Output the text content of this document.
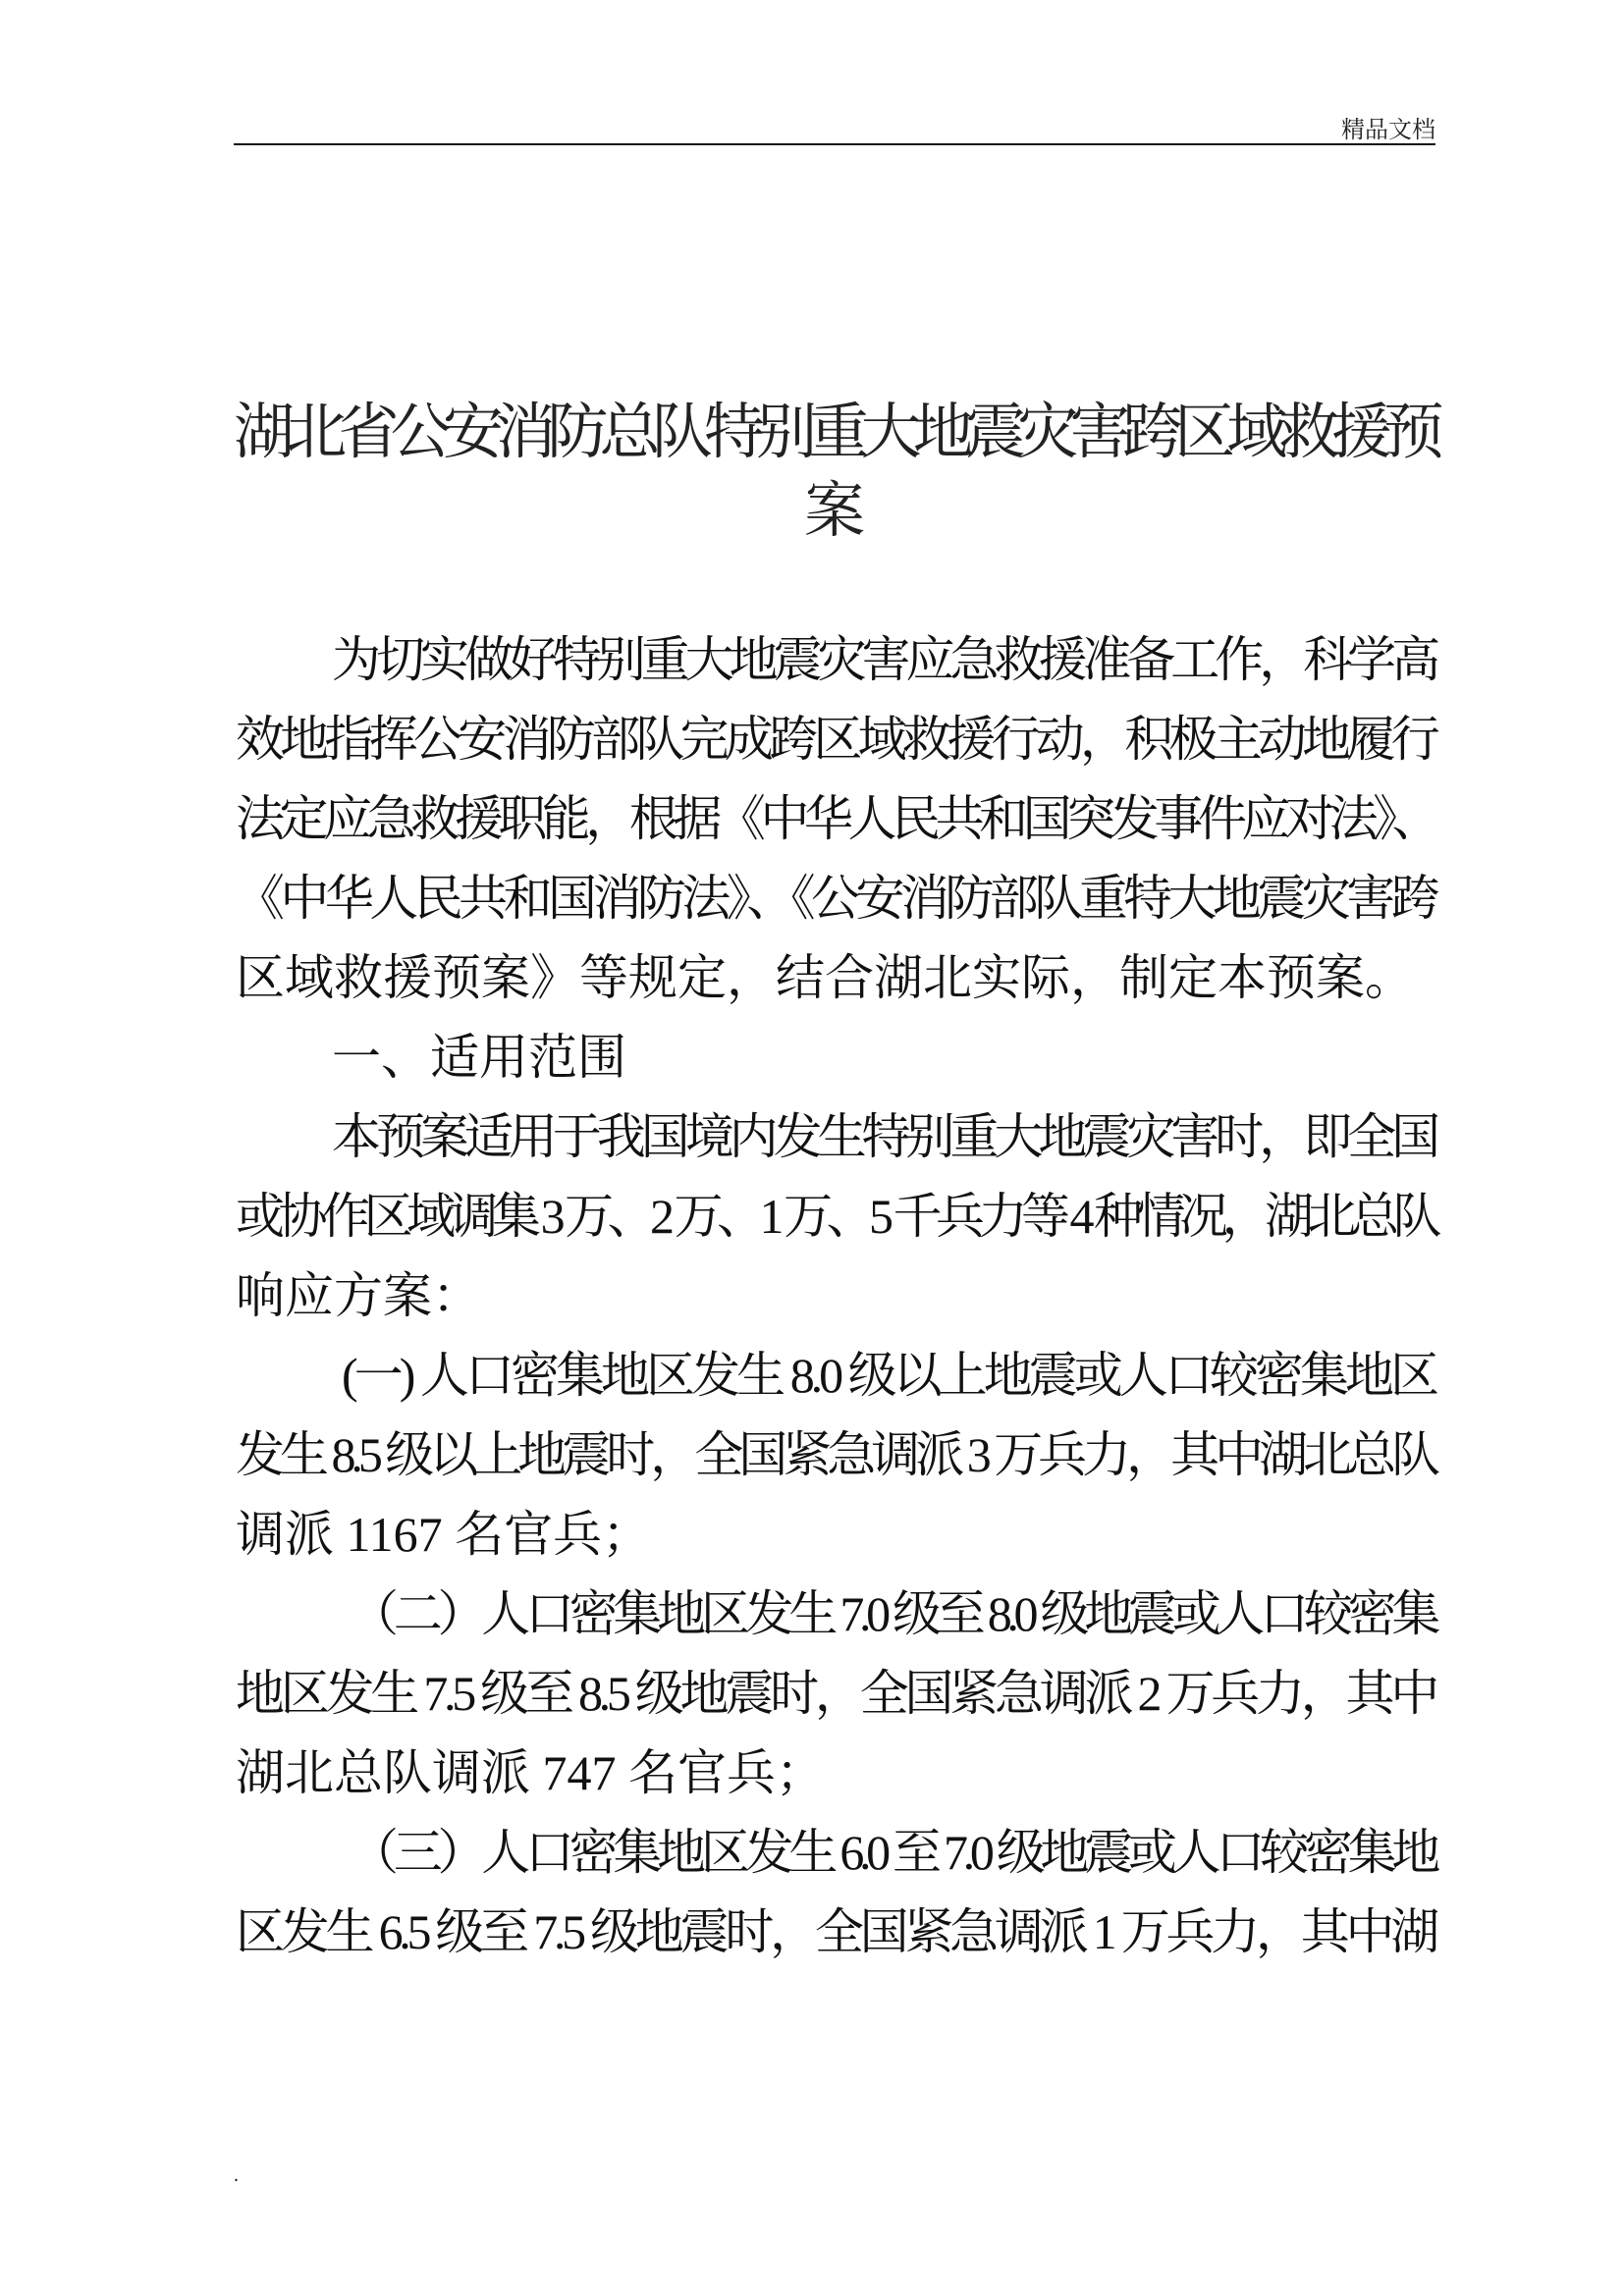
精品文档
湖北省公安消防总队特别重大地震灾害跨区域救援预
案
为切实做好特别重大地震灾害应急救援准备工作，科学高
效地指挥公安消防部队完成跨区域救援行动，积极主动地履行
法定应急救援职能，根据《中华人民共和国突发事件应对法》、
《中华人民共和国消防法》、《公安消防部队重特大地震灾害跨
区域救援预案》等规定，结合湖北实际，制定本预案。
一、适用范围
本预案适用于我国境内发生特别重大地震灾害时，即全国
或协作区域调集 3 万、2 万、1 万、5 千兵力等 4 种情况，湖北总队
响应方案：
(一) 人口密集地区发生 8.0 级以上地震或人口较密集地区
发生 8.5 级以上地震时，全国紧急调派 3 万兵力，其中湖北总队
调派 1167 名官兵；
（二）人口密集地区发生 7.0 级至 8.0 级地震或人口较密集
地区发生 7.5 级至 8.5 级地震时，全国紧急调派 2 万兵力，其中
湖北总队调派 747 名官兵；
（三）人口密集地区发生 6.0 至 7.0 级地震或人口较密集地
区发生 6.5 级至 7.5 级地震时，全国紧急调派 1 万兵力，其中湖
.
